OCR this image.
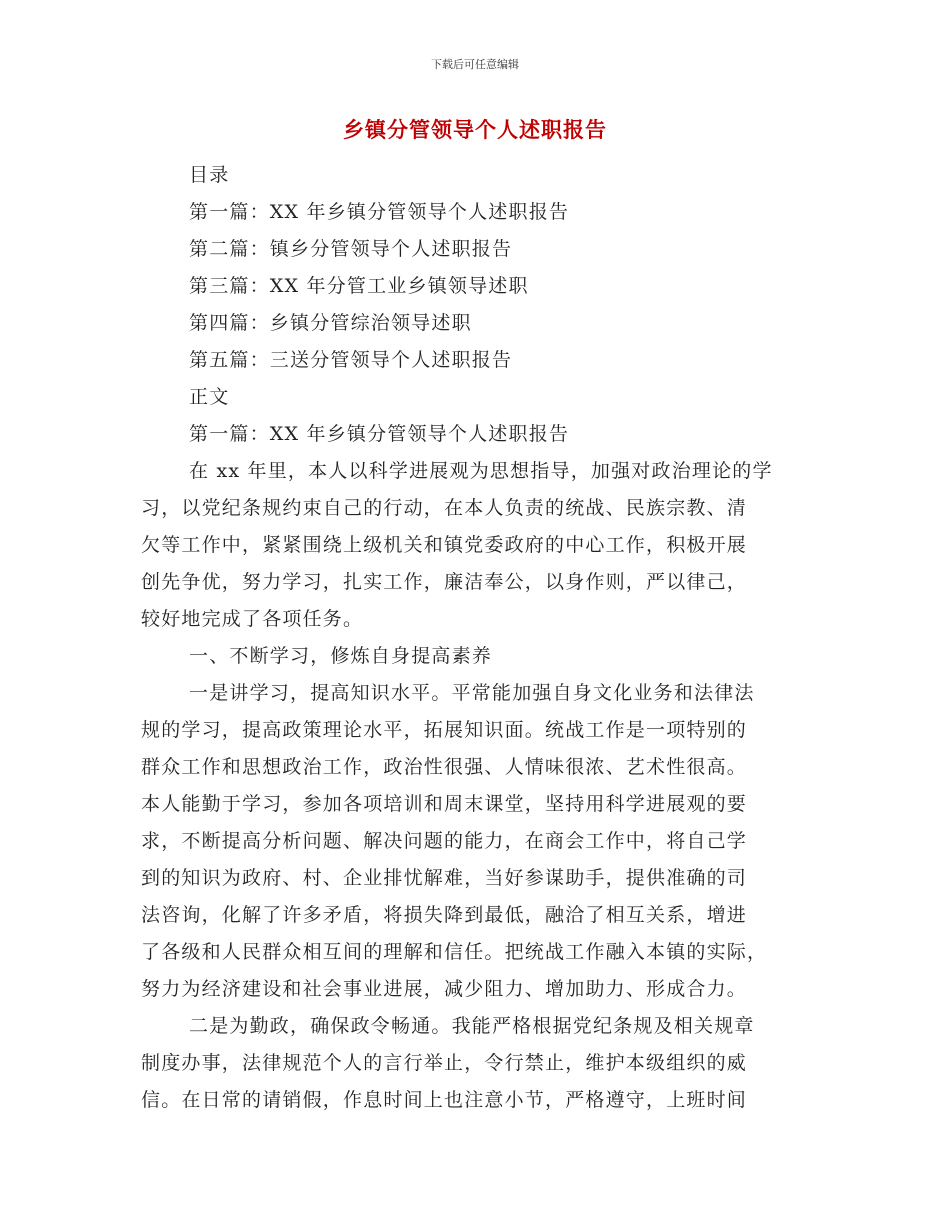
下载后可任意编辑
乡镇分管领导个人述职报告
目录
第一篇：XX 年乡镇分管领导个人述职报告
第二篇：镇乡分管领导个人述职报告
第三篇：XX 年分管工业乡镇领导述职
第四篇：乡镇分管综治领导述职
第五篇：三送分管领导个人述职报告
正文
第一篇：XX 年乡镇分管领导个人述职报告
在 xx 年里，本人以科学进展观为思想指导，加强对政治理论的学
习，以党纪条规约束自己的行动，在本人负责的统战、民族宗教、清
欠等工作中，紧紧围绕上级机关和镇党委政府的中心工作，积极开展
创先争优，努力学习，扎实工作，廉洁奉公，以身作则，严以律己，
较好地完成了各项任务。
一、不断学习，修炼自身提高素养
一是讲学习，提高知识水平。平常能加强自身文化业务和法律法
规的学习，提高政策理论水平，拓展知识面。统战工作是一项特别的
群众工作和思想政治工作，政治性很强、人情味很浓、艺术性很高。
本人能勤于学习，参加各项培训和周末课堂，坚持用科学进展观的要
求，不断提高分析问题、解决问题的能力，在商会工作中，将自己学
到的知识为政府、村、企业排忧解难，当好参谋助手，提供准确的司
法咨询，化解了许多矛盾，将损失降到最低，融洽了相互关系，增进
了各级和人民群众相互间的理解和信任。把统战工作融入本镇的实际，
努力为经济建设和社会事业进展，减少阻力、增加助力、形成合力。
二是为勤政，确保政令畅通。我能严格根据党纪条规及相关规章
制度办事，法律规范个人的言行举止，令行禁止，维护本级组织的威
信。在日常的请销假，作息时间上也注意小节，严格遵守，上班时间
